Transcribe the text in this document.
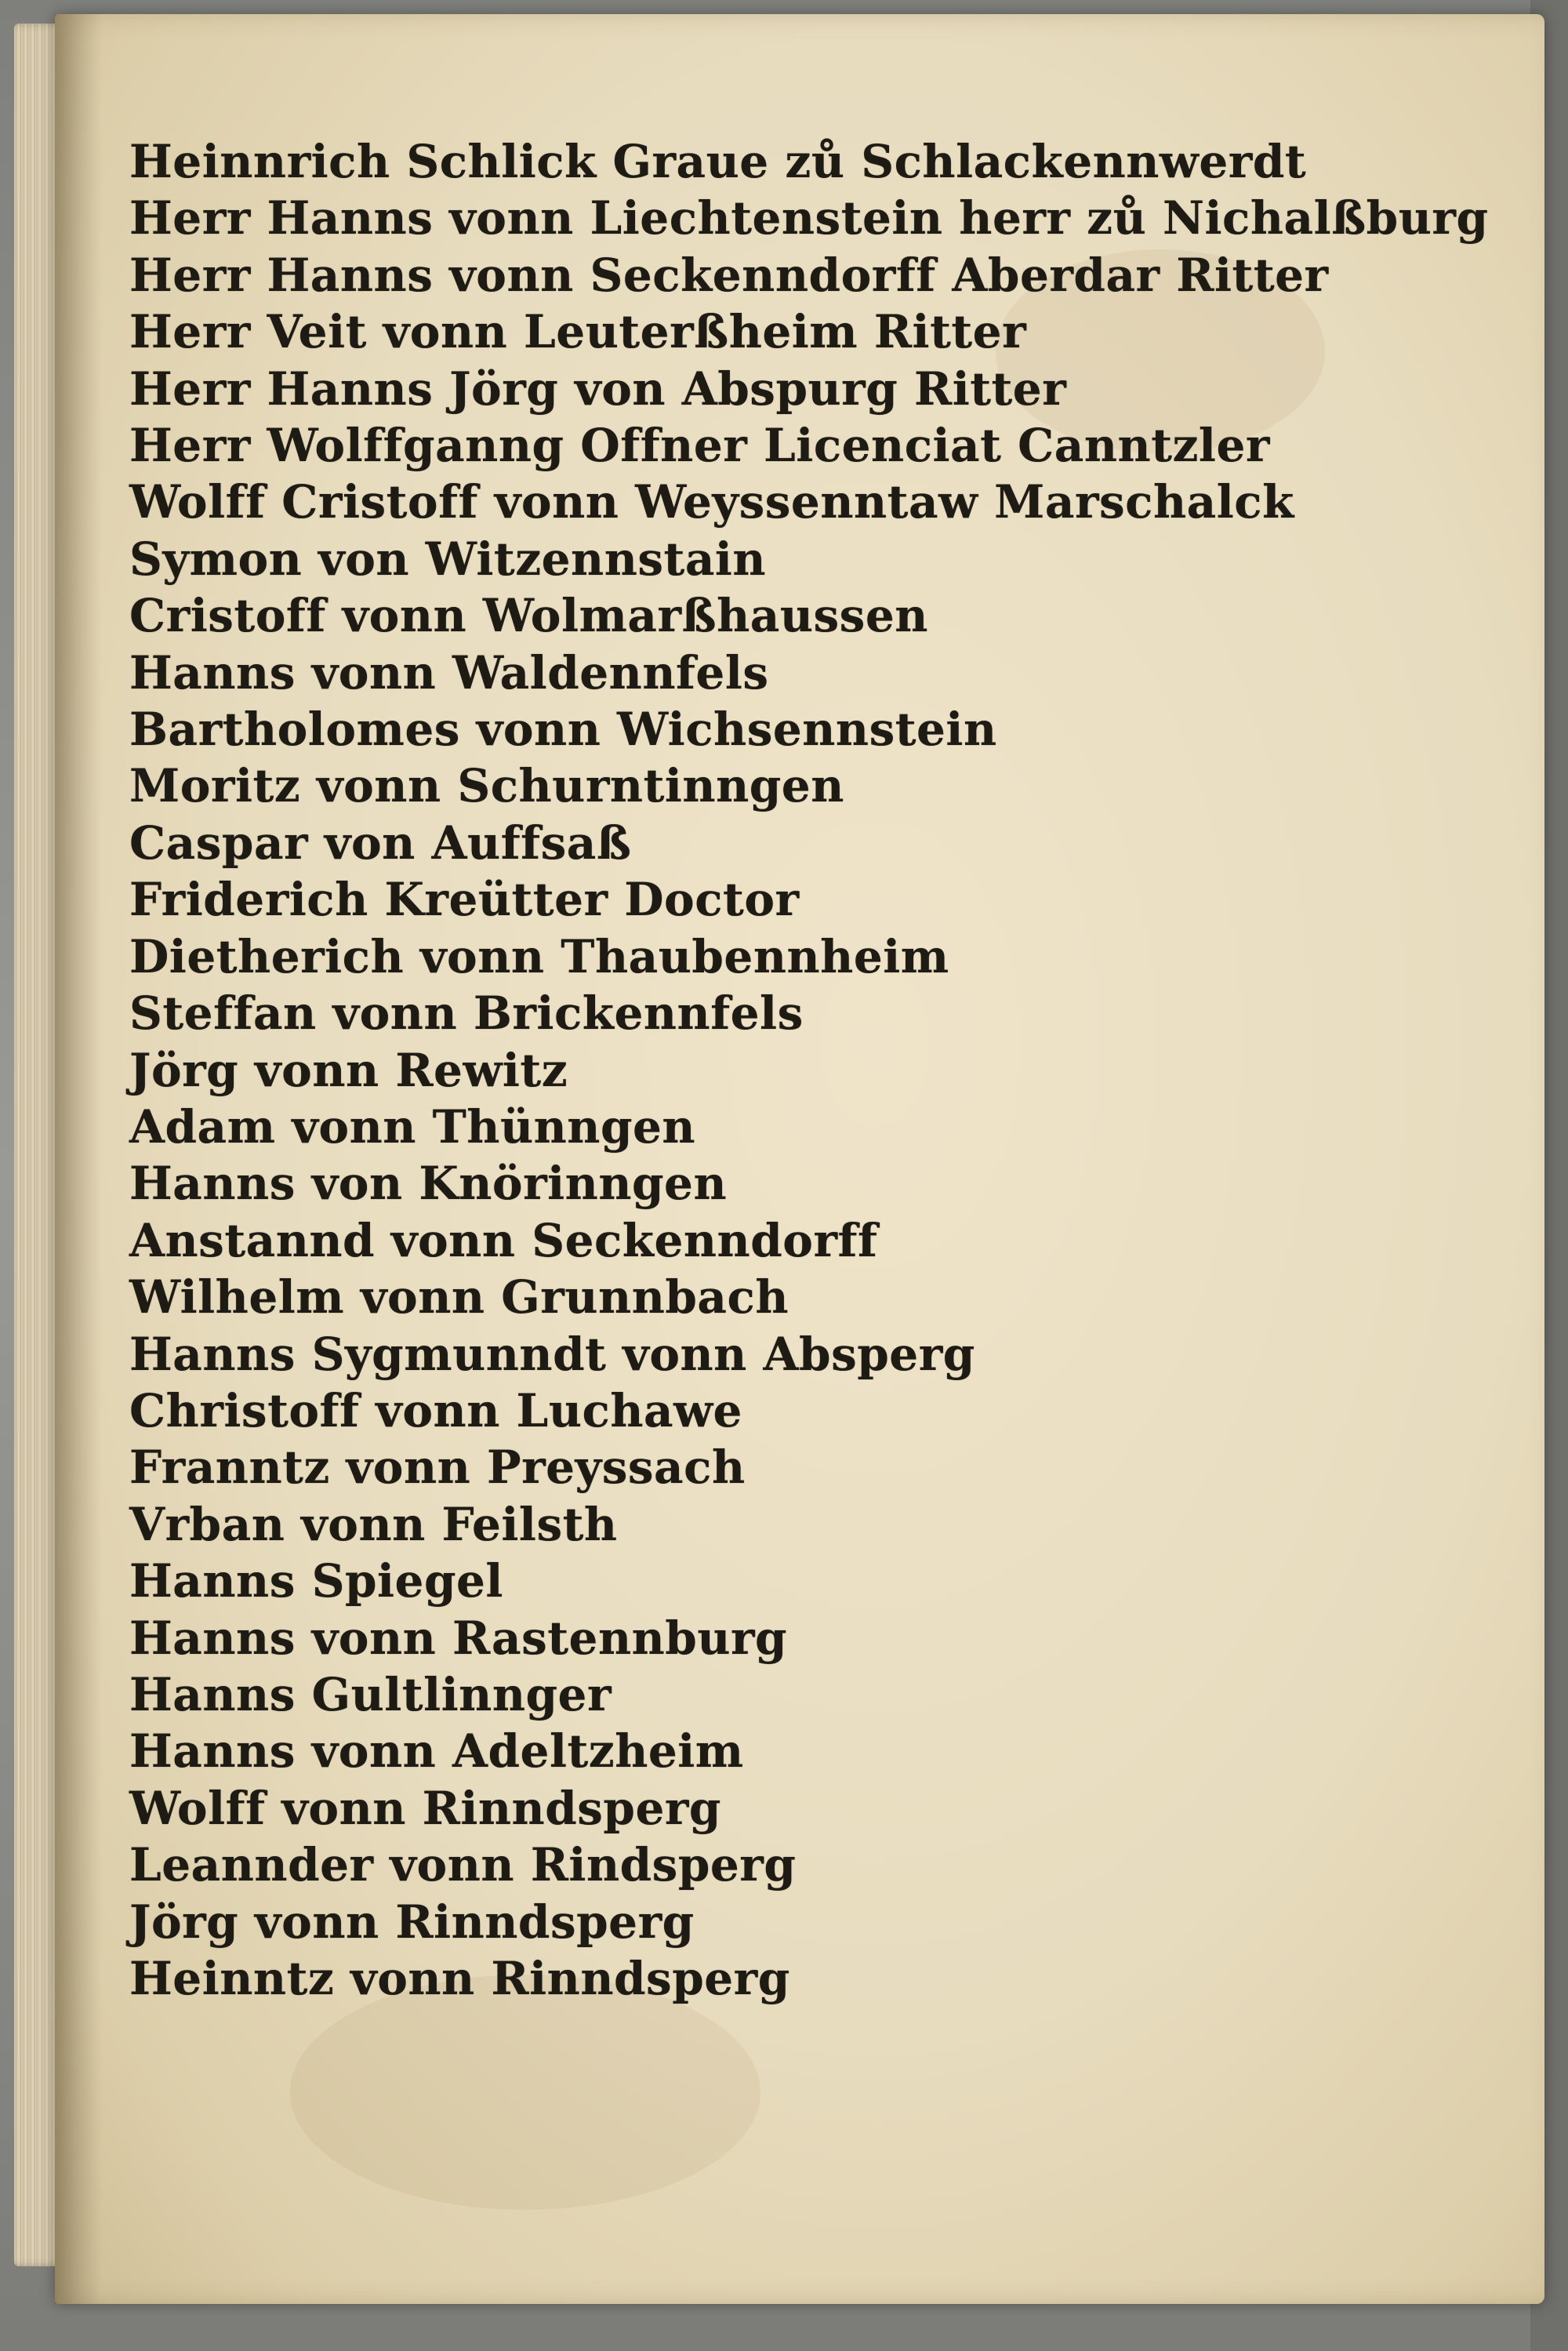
Heinnrich Schlick Graue zů Schlackennwerdt
Herr Hanns vonn Liechtenstein herr zů Nichalßburg
Herr Hanns vonn Seckenndorff Aberdar Ritter
Herr Veit vonn Leuterßheim Ritter
Herr Hanns Jörg von Abspurg Ritter
Herr Wolffganng Offner Licenciat Canntzler
Wolff Cristoff vonn Weyssenntaw Marschalck
Symon von Witzennstain
Cristoff vonn Wolmarßhaussen
Hanns vonn Waldennfels
Bartholomes vonn Wichsennstein
Moritz vonn Schurntinngen
Caspar von Auffsaß
Friderich Kreütter Doctor
Dietherich vonn Thaubennheim
Steffan vonn Brickennfels
Jörg vonn Rewitz
Adam vonn Thünngen
Hanns von Knörinngen
Anstannd vonn Seckenndorff
Wilhelm vonn Grunnbach
Hanns Sygmunndt vonn Absperg
Christoff vonn Luchawe
Franntz vonn Preyssach
Vrban vonn Feilsth
Hanns Spiegel
Hanns vonn Rastennburg
Hanns Gultlinnger
Hanns vonn Adeltzheim
Wolff vonn Rinndsperg
Leannder vonn Rindsperg
Jörg vonn Rinndsperg
Heinntz vonn Rinndsperg
